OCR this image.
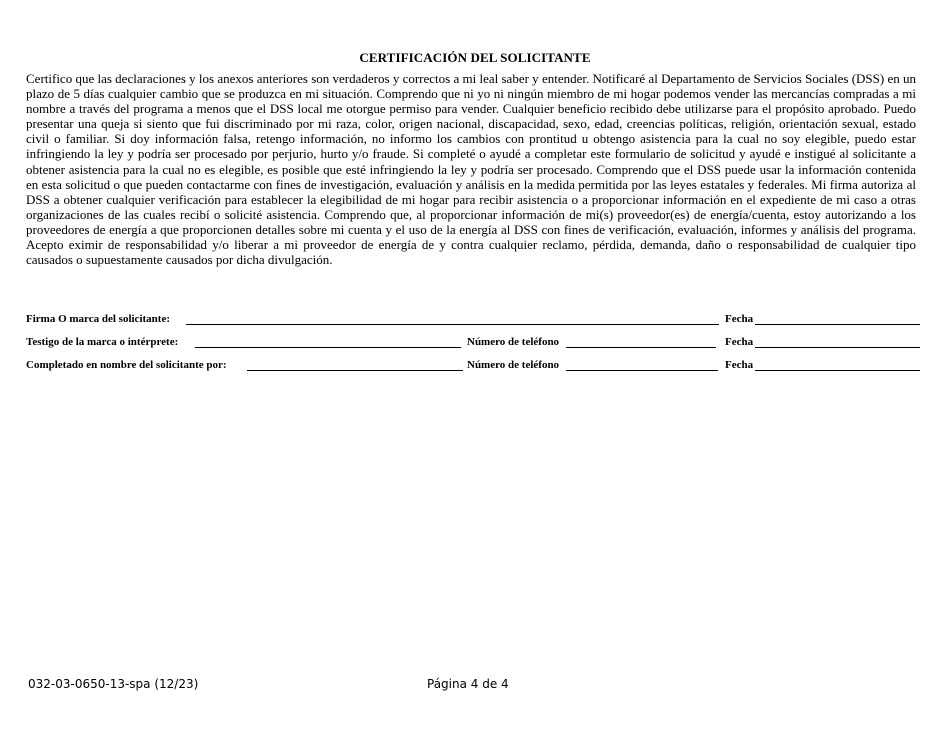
CERTIFICACIÓN DEL SOLICITANTE

Certifico que las declaraciones y los anexos anteriores son verdaderos y correctos a mi leal saber y entender. Notificaré al Departamento de Servicios Sociales (DSS) en un plazo de 5 días cualquier cambio que se produzca en mi situación. Comprendo que ni yo ni ningún miembro de mi hogar podemos vender las mercancías compradas a mi nombre a través del programa a menos que el DSS local me otorgue permiso para vender. Cualquier beneficio recibido debe utilizarse para el propósito aprobado. Puedo presentar una queja si siento que fui discriminado por mi raza, color, origen nacional, discapacidad, sexo, edad, creencias políticas, religión, orientación sexual, estado civil o familiar. Si doy información falsa, retengo información, no informo los cambios con prontitud u obtengo asistencia para la cual no soy elegible, puedo estar infringiendo la ley y podría ser procesado por perjurio, hurto y/o fraude. Si completé o ayudé a completar este formulario de solicitud y ayudé e instigué al solicitante a obtener asistencia para la cual no es elegible, es posible que esté infringiendo la ley y podría ser procesado. Comprendo que el DSS puede usar la información contenida en esta solicitud o que pueden contactarme con fines de investigación, evaluación y análisis en la medida permitida por las leyes estatales y federales. Mi firma autoriza al DSS a obtener cualquier verificación para establecer la elegibilidad de mi hogar para recibir asistencia o a proporcionar información en el expediente de mi caso a otras organizaciones de las cuales recibí o solicité asistencia. Comprendo que, al proporcionar información de mi(s) proveedor(es) de energía/cuenta, estoy autorizando a los proveedores de energía a que proporcionen detalles sobre mi cuenta y el uso de la energía al DSS con fines de verificación, evaluación, informes y análisis del programa. Acepto eximir de responsabilidad y/o liberar a mi proveedor de energía de y contra cualquier reclamo, pérdida, demanda, daño o responsabilidad de cualquier tipo causados o supuestamente causados por dicha divulgación.

Firma O marca del solicitante:	Fecha
Testigo de la marca o intérprete:	Número de teléfono	Fecha
Completado en nombre del solicitante por:	Número de teléfono	Fecha
032-03-0650-13-spa (12/23)	Página 4 de 4
